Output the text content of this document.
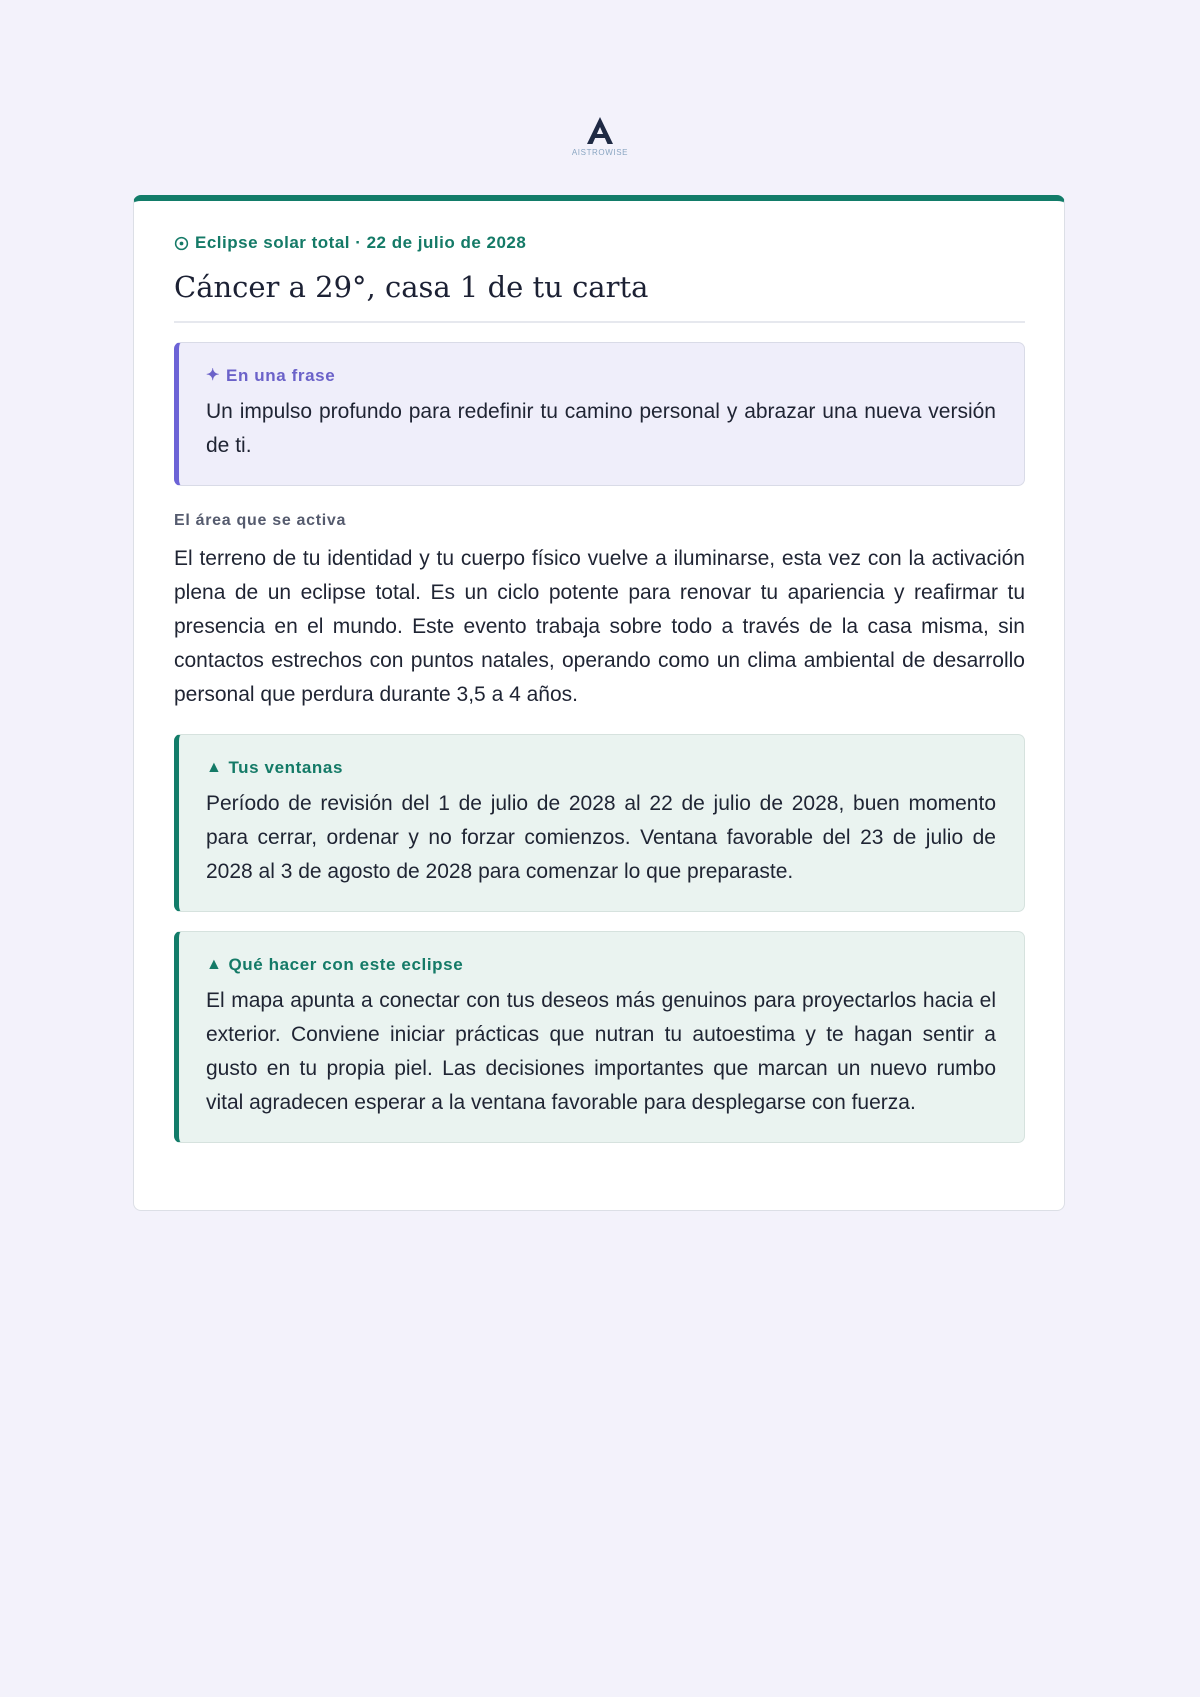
AISTROWISE
Eclipse solar total · 22 de julio de 2028
Cáncer a 29°, casa 1 de tu carta
✦ En una frase
Un impulso profundo para redefinir tu camino personal y abrazar una nueva versión de ti.
El área que se activa
El terreno de tu identidad y tu cuerpo físico vuelve a iluminarse, esta vez con la activación plena de un eclipse total. Es un ciclo potente para renovar tu apariencia y reafirmar tu presencia en el mundo. Este evento trabaja sobre todo a través de la casa misma, sin contactos estrechos con puntos natales, operando como un clima ambiental de desarrollo personal que perdura durante 3,5 a 4 años.
▲ Tus ventanas
Período de revisión del 1 de julio de 2028 al 22 de julio de 2028, buen momento para cerrar, ordenar y no forzar comienzos. Ventana favorable del 23 de julio de 2028 al 3 de agosto de 2028 para comenzar lo que preparaste.
▲ Qué hacer con este eclipse
El mapa apunta a conectar con tus deseos más genuinos para proyectarlos hacia el exterior. Conviene iniciar prácticas que nutran tu autoestima y te hagan sentir a gusto en tu propia piel. Las decisiones importantes que marcan un nuevo rumbo vital agradecen esperar a la ventana favorable para desplegarse con fuerza.
